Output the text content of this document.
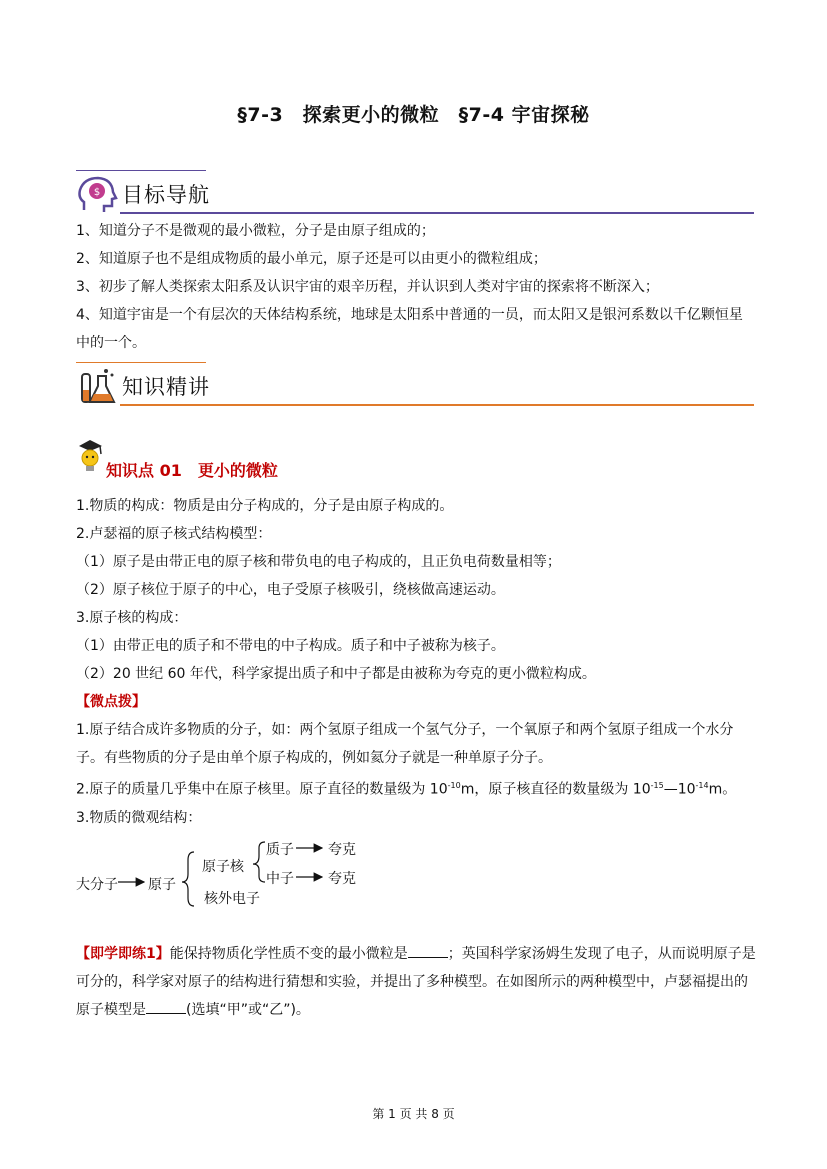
§7-3　探索更小的微粒　§7-4 宇宙探秘
$ 目标导航

1、知道分子不是微观的最小微粒，分子是由原子组成的；

2、知道原子也不是组成物质的最小单元，原子还是可以由更小的微粒组成；

3、初步了解人类探索太阳系及认识宇宙的艰辛历程，并认识到人类对宇宙的探索将不断深入；

4、知道宇宙是一个有层次的天体结构系统，地球是太阳系中普通的一员，而太阳又是银河系数以千亿颗恒星中的一个。

知识精讲
知识点 01　更小的微粒

1.物质的构成：物质是由分子构成的，分子是由原子构成的。

2.卢瑟福的原子核式结构模型：

（1）原子是由带正电的原子核和带负电的电子构成的，且正负电荷数量相等；

（2）原子核位于原子的中心，电子受原子核吸引，绕核做高速运动。

3.原子核的构成：

（1）由带正电的质子和不带电的中子构成。质子和中子被称为核子。

（2）20 世纪 60 年代，科学家提出质子和中子都是由被称为夸克的更小微粒构成。

【微点拨】

1.原子结合成许多物质的分子，如：两个氢原子组成一个氢气分子，一个氧原子和两个氢原子组成一个水分子。有些物质的分子是由单个原子构成的，例如氦分子就是一种单原子分子。

2.原子的质量几乎集中在原子核里。原子直径的数量级为 $10^{-10}m$，原子核直径的数量级为 $10^{-15}—10^{-14}m$。

3.物质的微观结构：

大分子 原子
原子核
核外电子
质子
中子
夸克
夸克

【即学即练1】能保持物质化学性质不变的最小微粒是	；英国科学家汤姆生发现了电子，从而说明原子是可分的，科学家对原子的结构进行猜想和实验，并提出了多种模型。在如图所示的两种模型中，卢瑟福提出的原子模型是	(选填“甲”或“乙”)。

第 1 页 共 8 页
